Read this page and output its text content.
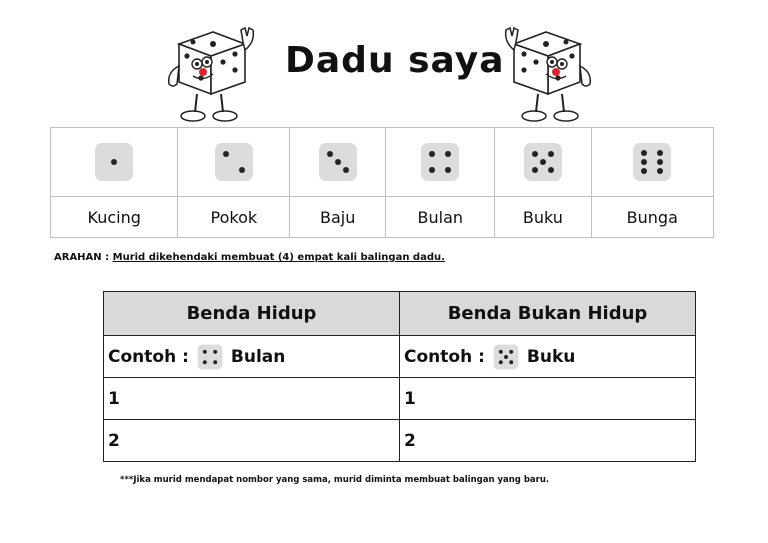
Dadu saya

Kucing	Pokok	Baju	Bulan	Buku	Bunga
ARAHAN : Murid dikehendaki membuat (4) empat kali balingan dadu.
Benda Hidup	Benda Bukan Hidup

Contoh : Bulan	Contoh : Buku

1	1
2	2
***Jika murid mendapat nombor yang sama, murid diminta membuat balingan yang baru.
